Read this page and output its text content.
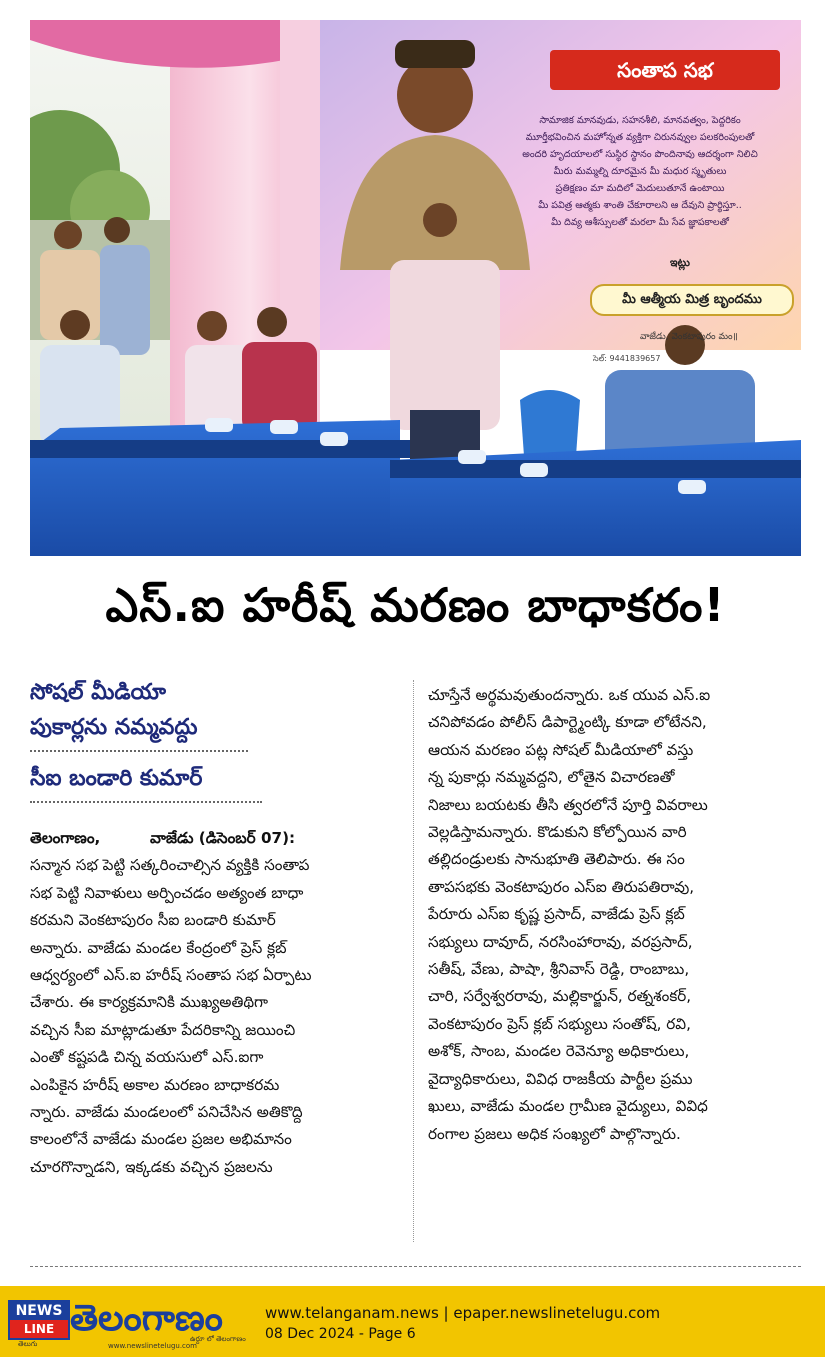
సంతాప సభ
సామాజిక మానవుడు, సహనశీలి, మానవత్వం, పెద్దరికం
మూర్తీభవించిన మహోన్నత వ్యక్తిగా చిరునవ్వుల పలకరింపులతో
అందరి హృదయాలలో సుస్థిర స్థానం పొందినావు ఆదర్శంగా నిలిచి
మీరు మమ్మల్ని దూరమైన మీ మధుర స్మృతులు
ప్రతిక్షణం మా మదిలో మెదులుతూనే ఉంటాయి
మీ పవిత్ర ఆత్మకు శాంతి చేకూరాలని ఆ దేవుని ప్రార్థిస్తూ..
మీ దివ్య ఆశీస్సులతో మరలా మీ సేవ జ్ఞాపకాలతో
ఇట్లు
మీ ఆత్మీయ మిత్ర బృందము
వాజేడు, వెంకటాపురం మం॥
సెల్: 9441839657
ఎస్.ఐ హరీష్ మరణం బాధాకరం!
సోషల్ మీడియా
పుకార్లను నమ్మవద్దు
సీఐ బండారి కుమార్
తెలంగాణం,	వాజేడు (డిసెంబర్ 07):
సన్మాన సభ పెట్టి సత్కరించాల్సిన వ్యక్తికి సంతాప
సభ పెట్టి నివాళులు అర్పించడం అత్యంత బాధా
కరమని వెంకటాపురం సీఐ బండారి కుమార్
అన్నారు. వాజేడు మండల కేంద్రంలో ప్రెస్ క్లబ్
ఆధ్వర్యంలో ఎస్.ఐ హరీష్ సంతాప సభ ఏర్పాటు
చేశారు. ఈ కార్యక్రమానికి ముఖ్యఅతిథిగా
వచ్చిన సీఐ మాట్లాడుతూ పేదరికాన్ని జయించి
ఎంతో కష్టపడి చిన్న వయసులో ఎస్.ఐగా
ఎంపికైన హరీష్ అకాల మరణం బాధాకరమ
న్నారు. వాజేడు మండలంలో పనిచేసిన అతికొద్ది
కాలంలోనే వాజేడు మండల ప్రజల అభిమానం
చూరగొన్నాడని, ఇక్కడకు వచ్చిన ప్రజలను
చూస్తేనే అర్థమవుతుందన్నారు. ఒక యువ ఎస్.ఐ
చనిపోవడం పోలీస్ డిపార్ట్మెంట్కి కూడా లోటేనని,
ఆయన మరణం పట్ల సోషల్ మీడియాలో వస్తు
న్న పుకార్లు నమ్మవద్దని, లోతైన విచారణతో
నిజాలు బయటకు తీసి త్వరలోనే పూర్తి వివరాలు
వెల్లడిస్తామన్నారు. కొడుకుని కోల్పోయిన వారి
తల్లిదండ్రులకు సానుభూతి తెలిపారు. ఈ సం
తాపసభకు వెంకటాపురం ఎస్ఐ తిరుపతిరావు,
పేరూరు ఎస్ఐ కృష్ణ ప్రసాద్, వాజేడు ప్రెస్ క్లబ్
సభ్యులు దావూద్, నరసింహారావు, వరప్రసాద్,
సతీష్, వేణు, పాషా, శ్రీనివాస్ రెడ్డి, రాంబాబు,
చారి, సర్వేశ్వరరావు, మల్లికార్జున్, రత్నశంకర్,
వెంకటాపురం ప్రెస్ క్లబ్ సభ్యులు సంతోష్, రవి,
అశోక్, సాంబ, మండల రెవెన్యూ అధికారులు,
వైద్యాధికారులు, వివిధ రాజకీయ పార్టీల ప్రము
ఖులు, వాజేడు మండల గ్రామీణ వైద్యులు, వివిధ
రంగాల ప్రజలు అధిక సంఖ్యలో పాల్గొన్నారు.
NEWS
LINE
తెలుగు
తెలంగాణం
ఉర్దూ లో తెలంగాణం
www.newslinetelugu.com
www.telanganam.news | epaper.newslinetelugu.com
08 Dec 2024 - Page 6
